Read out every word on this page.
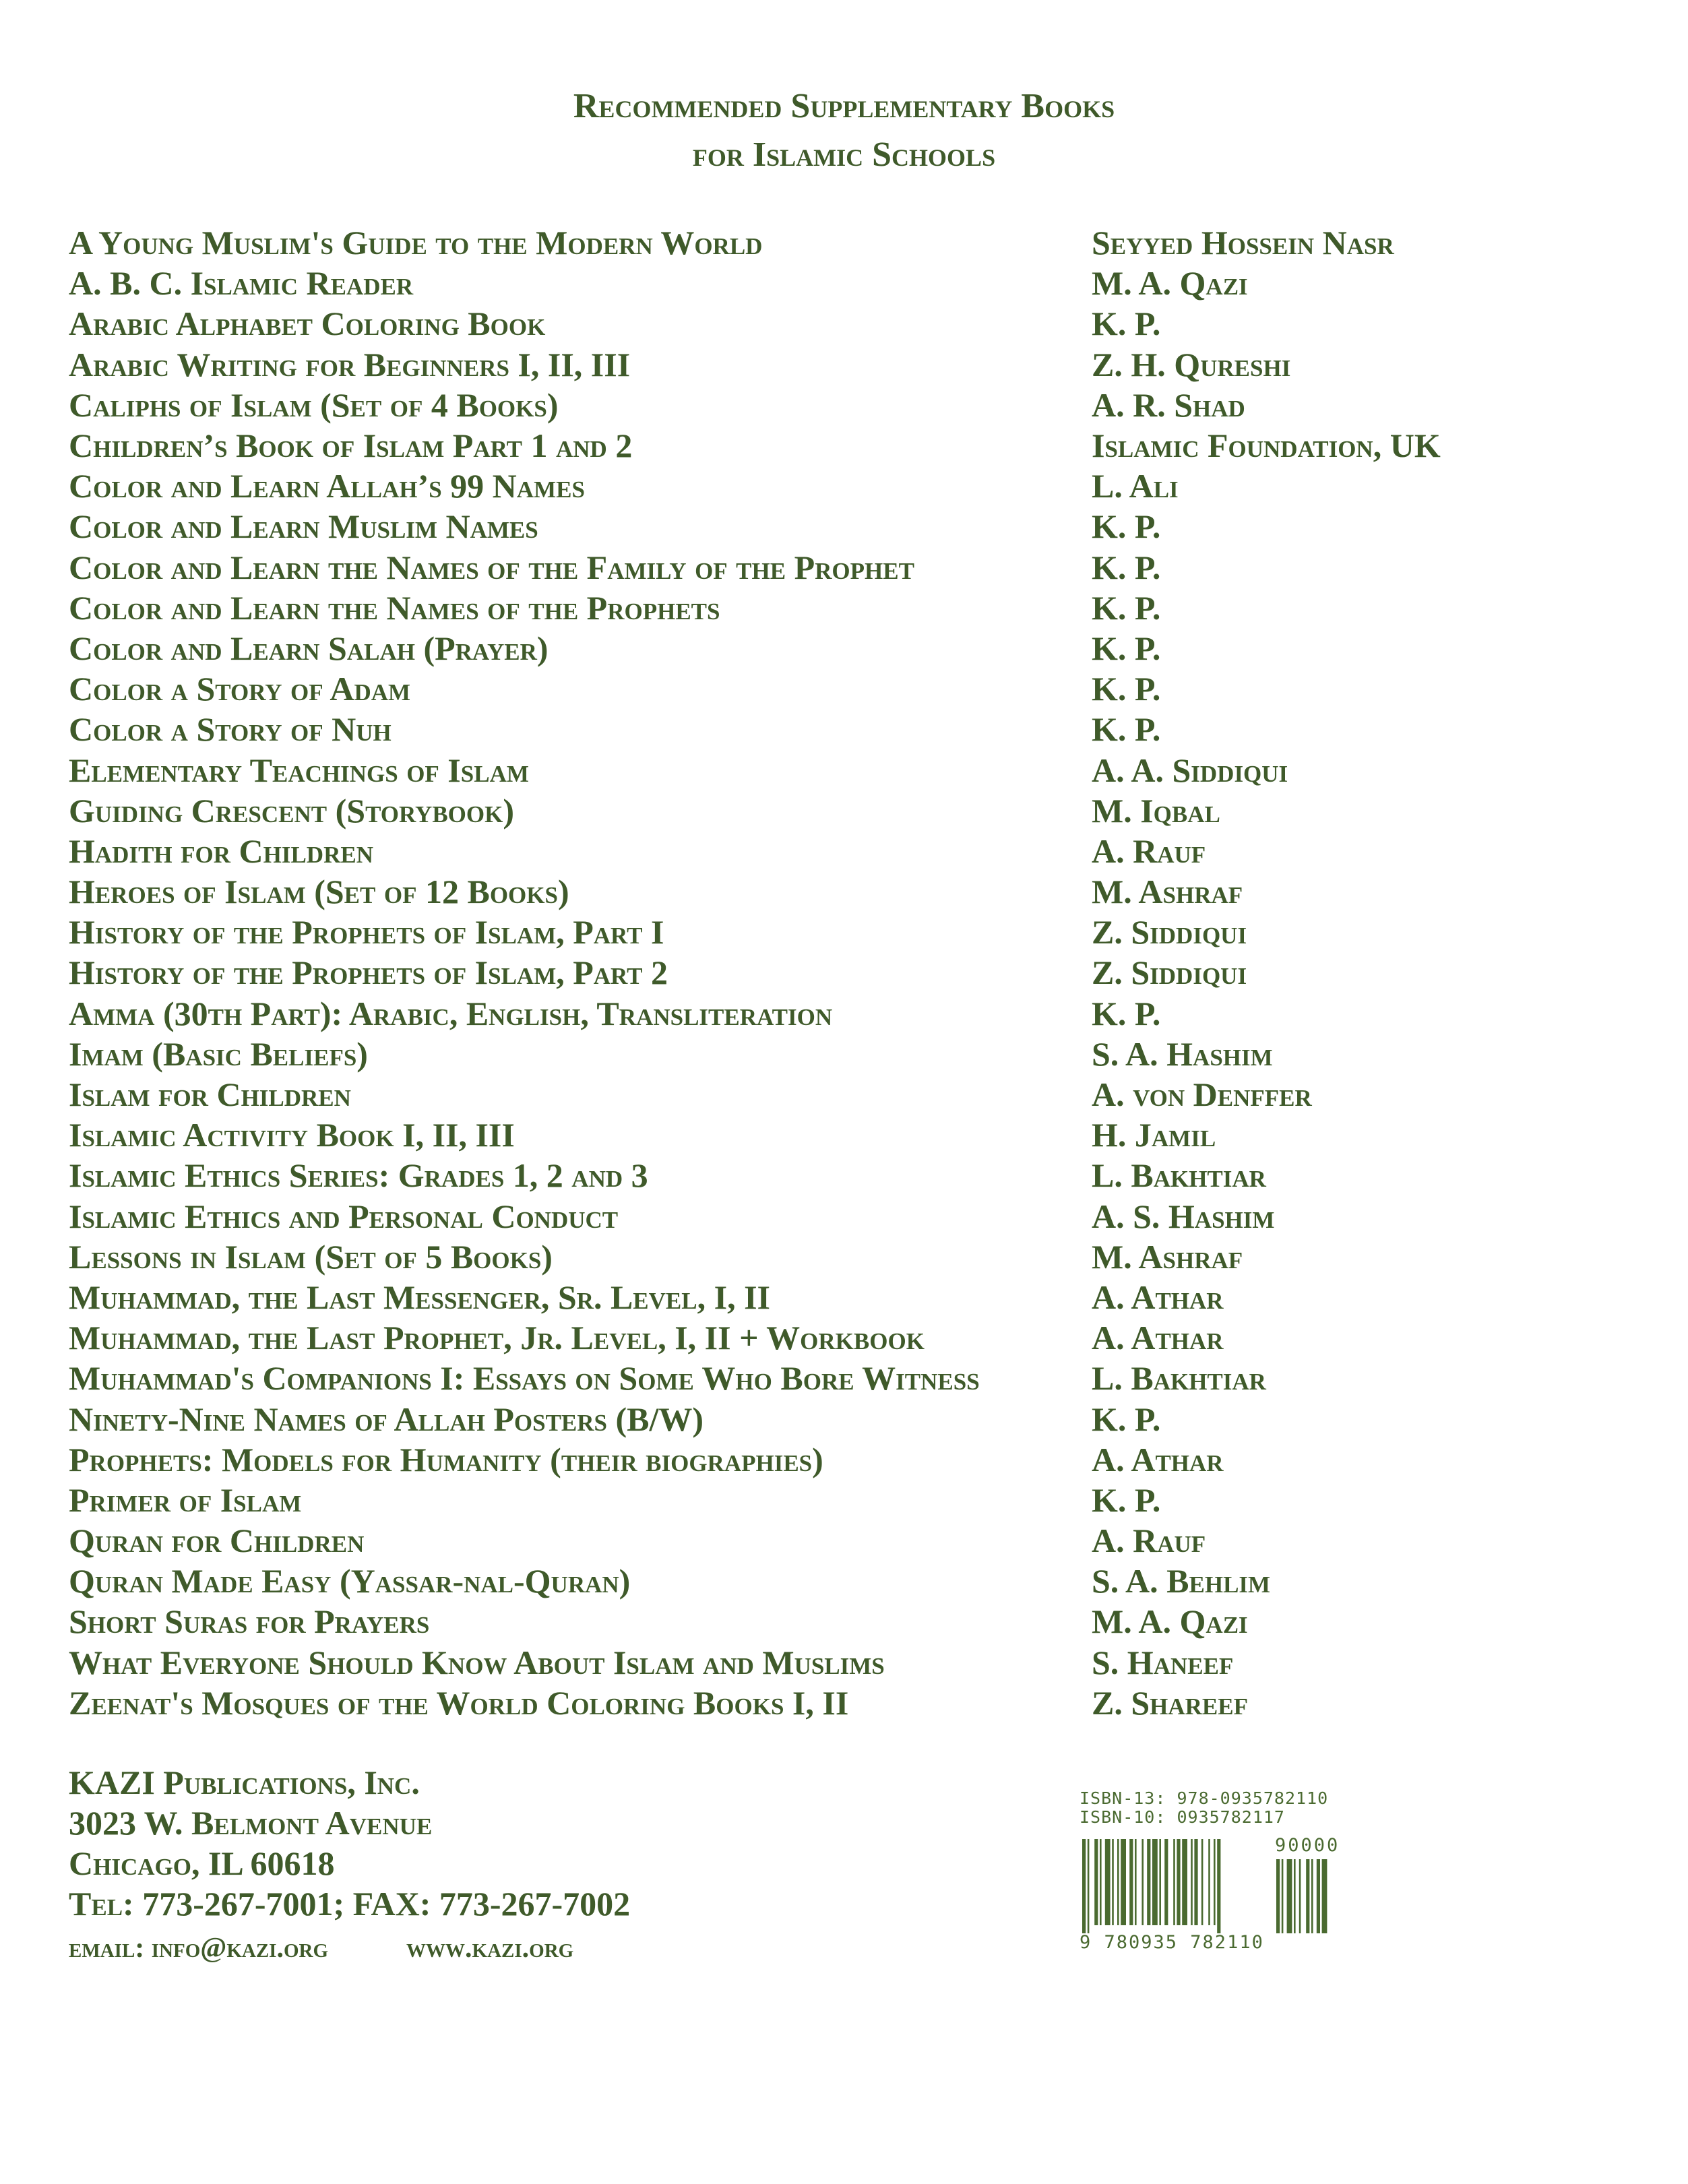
Recommended Supplementary Books
for Islamic Schools
A Young Muslim's Guide to the Modern World	Seyyed Hossein Nasr
A. B. C. Islamic Reader	M. A. Qazi
Arabic Alphabet Coloring Book	K. P.
Arabic Writing for Beginners I, II, III	Z. H. Qureshi
Caliphs of Islam (Set of 4 Books)	A. R. Shad
Children’s Book of Islam Part 1 and 2	Islamic Foundation, UK
Color and Learn Allah’s 99 Names	L. Ali
Color and Learn Muslim Names	K. P.
Color and Learn the Names of the Family of the Prophet	K. P.
Color and Learn the Names of the Prophets	K. P.
Color and Learn Salah (Prayer)	K. P.
Color a Story of Adam	K. P.
Color a Story of Nuh	K. P.
Elementary Teachings of Islam	A. A. Siddiqui
Guiding Crescent (Storybook)	M. Iqbal
Hadith for Children	A. Rauf
Heroes of Islam (Set of 12 Books)	M. Ashraf
History of the Prophets of Islam, Part I	Z. Siddiqui
History of the Prophets of Islam, Part 2	Z. Siddiqui
Amma (30th Part): Arabic, English, Transliteration	K. P.
Imam (Basic Beliefs)	S. A. Hashim
Islam for Children	A. von Denffer
Islamic Activity Book I, II, III	H. Jamil
Islamic Ethics Series: Grades 1, 2 and 3	L. Bakhtiar
Islamic Ethics and Personal Conduct	A. S. Hashim
Lessons in Islam (Set of 5 Books)	M. Ashraf
Muhammad, the Last Messenger, Sr. Level, I, II	A. Athar
Muhammad, the Last Prophet, Jr. Level, I, II + Workbook	A. Athar
Muhammad's Companions I: Essays on Some Who Bore Witness	L. Bakhtiar
Ninety-Nine Names of Allah Posters (B/W)	K. P.
Prophets: Models for Humanity (their biographies)	A. Athar
Primer of Islam	K. P.
Quran for Children	A. Rauf
Quran Made Easy (Yassar-nal-Quran)	S. A. Behlim
Short Suras for Prayers	M. A. Qazi
What Everyone Should Know About Islam and Muslims	S. Haneef
Zeenat's Mosques of the World Coloring Books I, II	Z. Shareef
KAZI Publications, Inc.
3023 W. Belmont Avenue
Chicago, IL 60618
Tel: 773-267-7001; FAX: 773-267-7002
email: info@kazi.org	www.kazi.org
ISBN-13: 978-0935782110
ISBN-10: 0935782117
90000
9 780935 782110
